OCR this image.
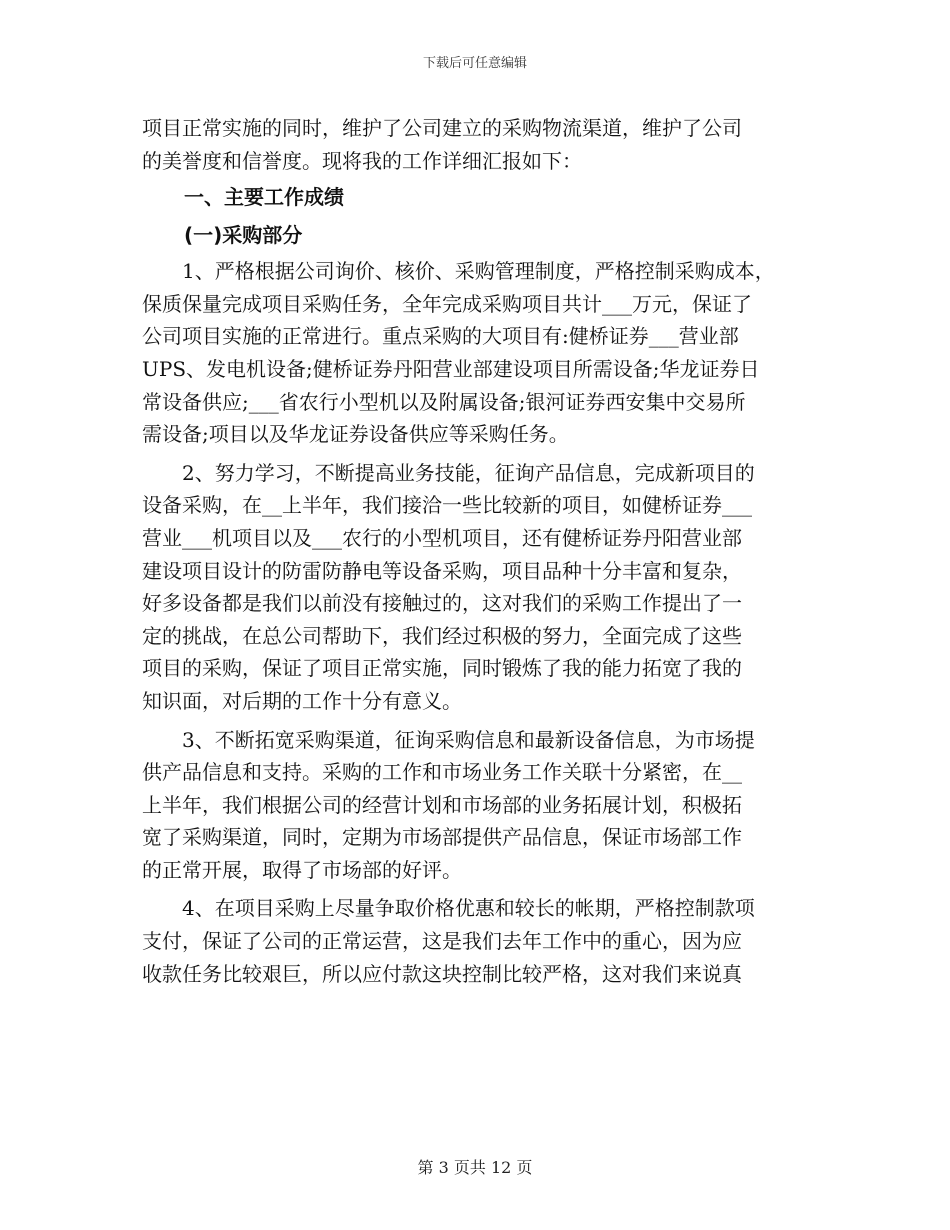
下载后可任意编辑
项目正常实施的同时，维护了公司建立的采购物流渠道，维护了公司
的美誉度和信誉度。现将我的工作详细汇报如下：
一、主要工作成绩
(一)采购部分
1、严格根据公司询价、核价、采购管理制度，严格控制采购成本，
保质保量完成项目采购任务，全年完成采购项目共计___万元，保证了
公司项目实施的正常进行。重点采购的大项目有:健桥证券___营业部
UPS、发电机设备;健桥证券丹阳营业部建设项目所需设备;华龙证券日
常设备供应;___省农行小型机以及附属设备;银河证券西安集中交易所
需设备;项目以及华龙证券设备供应等采购任务。
2、努力学习，不断提高业务技能，征询产品信息，完成新项目的
设备采购，在__上半年，我们接洽一些比较新的项目，如健桥证券___
营业___机项目以及___农行的小型机项目，还有健桥证券丹阳营业部
建设项目设计的防雷防静电等设备采购，项目品种十分丰富和复杂，
好多设备都是我们以前没有接触过的，这对我们的采购工作提出了一
定的挑战，在总公司帮助下，我们经过积极的努力，全面完成了这些
项目的采购，保证了项目正常实施，同时锻炼了我的能力拓宽了我的
知识面，对后期的工作十分有意义。
3、不断拓宽采购渠道，征询采购信息和最新设备信息，为市场提
供产品信息和支持。采购的工作和市场业务工作关联十分紧密，在__
上半年，我们根据公司的经营计划和市场部的业务拓展计划，积极拓
宽了采购渠道，同时，定期为市场部提供产品信息，保证市场部工作
的正常开展，取得了市场部的好评。
4、在项目采购上尽量争取价格优惠和较长的帐期，严格控制款项
支付，保证了公司的正常运营，这是我们去年工作中的重心，因为应
收款任务比较艰巨，所以应付款这块控制比较严格，这对我们来说真
第 3 页共 12 页
